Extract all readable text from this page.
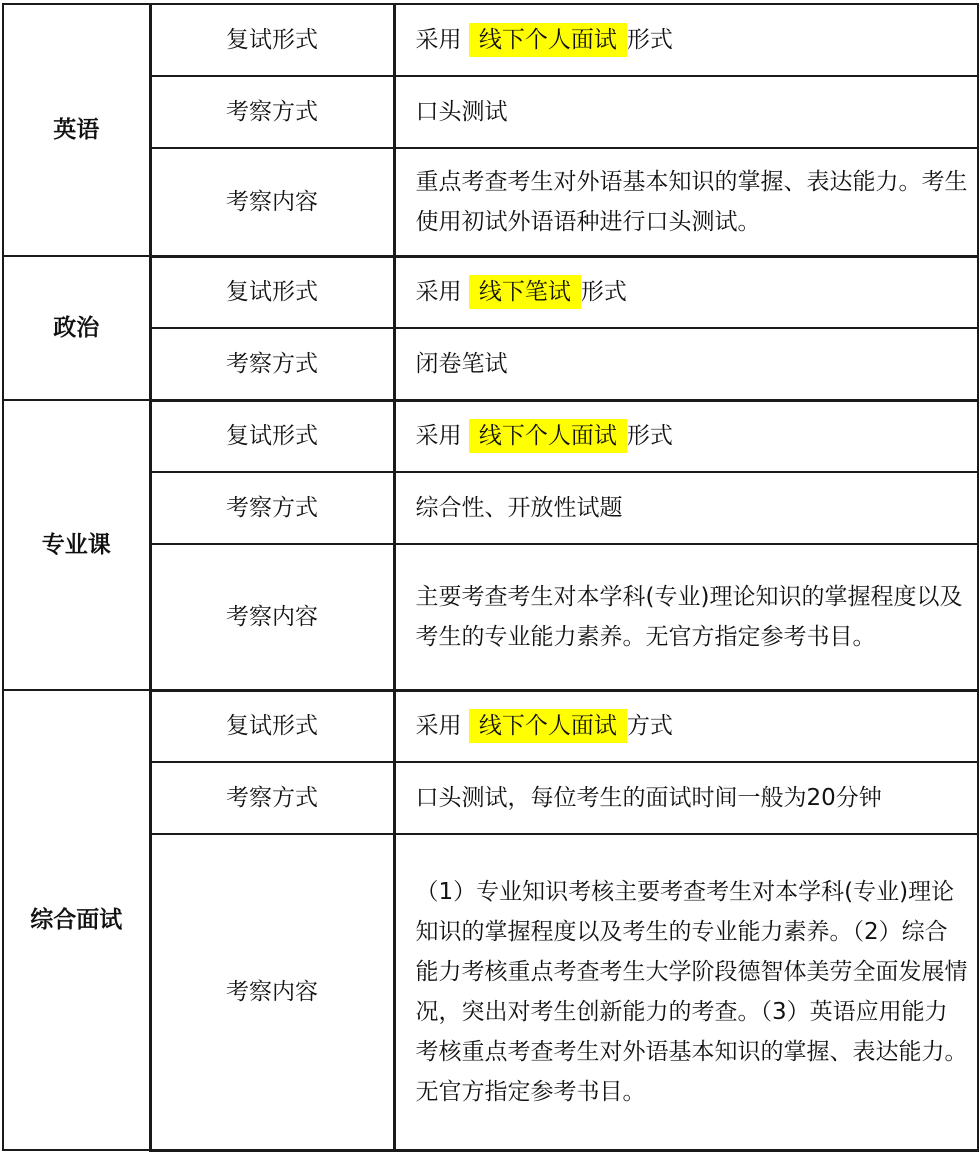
英语	复试形式	采用 线下个人面试 形式
	考察方式	口头测试
	考察内容	重点考查考生对外语基本知识的掌握、表达能力。考生使用初试外语语种进行口头测试。
政治	复试形式	采用 线下笔试 形式
	考察方式	闭卷笔试
专业课	复试形式	采用 线下个人面试 形式
	考察方式	综合性、开放性试题
	考察内容	主要考查考生对本学科(专业)理论知识的掌握程度以及考生的专业能力素养。无官方指定参考书目。
综合面试	复试形式	采用 线下个人面试 方式
	考察方式	口头测试，每位考生的面试时间一般为20分钟
	考察内容	（1）专业知识考核主要考查考生对本学科(专业)理论知识的掌握程度以及考生的专业能力素养。（2）综合能力考核重点考查考生大学阶段德智体美劳全面发展情况，突出对考生创新能力的考查。（3）英语应用能力考核重点考查考生对外语基本知识的掌握、表达能力。无官方指定参考书目。
